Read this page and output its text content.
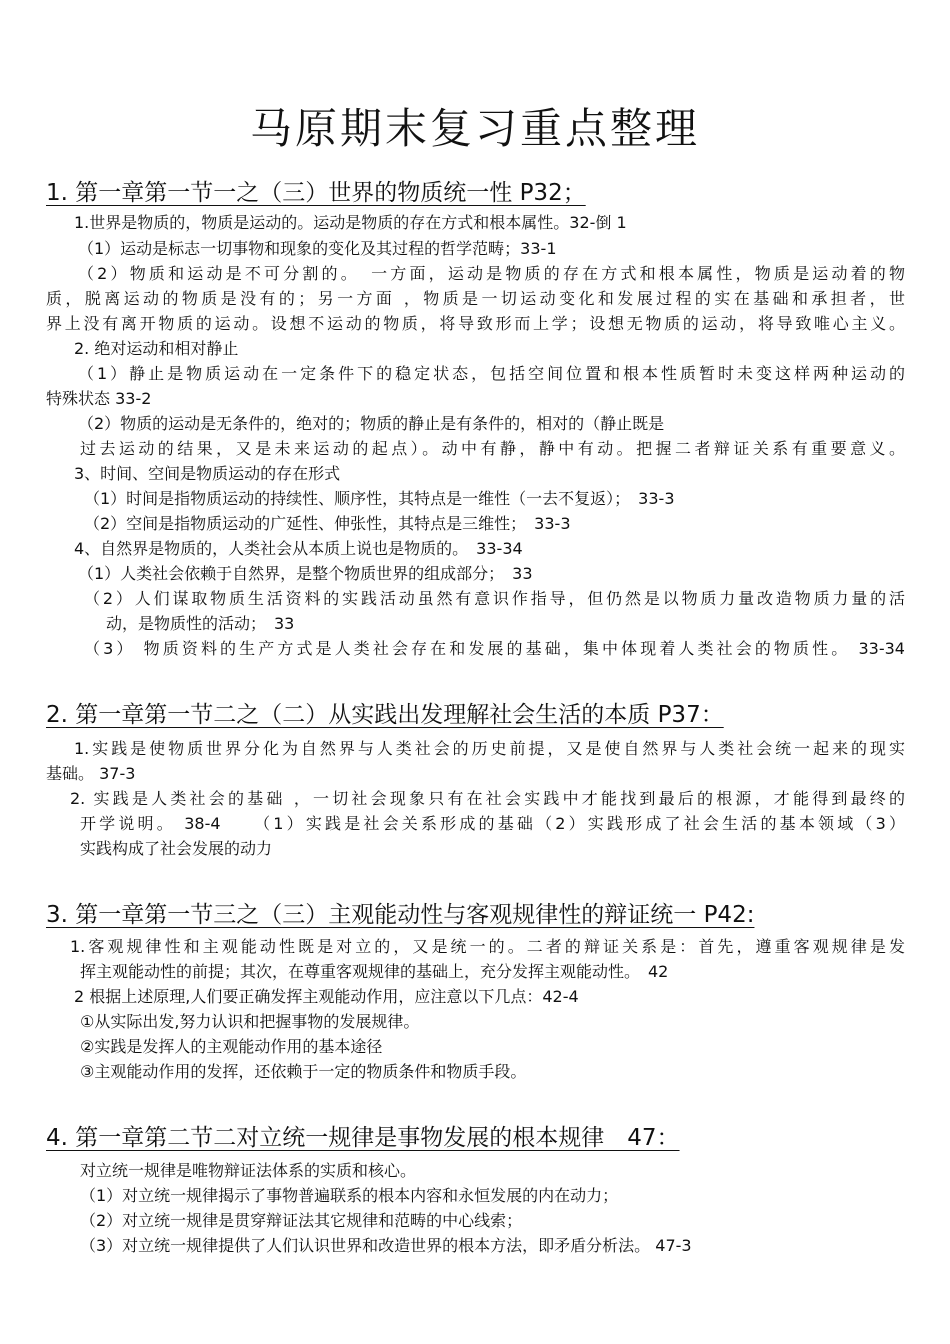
马原期末复习重点整理
1. 第一章第一节一之（三）世界的物质统一性 P32；
1.世界是物质的，物质是运动的。运动是物质的存在方式和根本属性。32-倒 1
（1）运动是标志一切事物和现象的变化及其过程的哲学范畴；33-1
（2）物质和运动是不可分割的。　一方面，运动是物质的存在方式和根本属性，物质是运动着的物
质，脱离运动的物质是没有的；另一方面 ，物质是一切运动变化和发展过程的实在基础和承担者，世
界上没有离开物质的运动。设想不运动的物质，将导致形而上学；设想无物质的运动，将导致唯心主义。
2. 绝对运动和相对静止
（1）静止是物质运动在一定条件下的稳定状态，包括空间位置和根本性质暂时未变这样两种运动的
特殊状态 33-2
（2）物质的运动是无条件的，绝对的；物质的静止是有条件的，相对的（静止既是
过去运动的结果，又是未来运动的起点）。动中有静，静中有动。把握二者辩证关系有重要意义。
3、时间、空间是物质运动的存在形式
（1）时间是指物质运动的持续性、顺序性，其特点是一维性（一去不复返）；　33-3
（2）空间是指物质运动的广延性、伸张性，其特点是三维性；　33-3
4、自然界是物质的，人类社会从本质上说也是物质的。　33-34
（1）人类社会依赖于自然界，是整个物质世界的组成部分；　33
（2）人们谋取物质生活资料的实践活动虽然有意识作指导，但仍然是以物质力量改造物质力量的活
动，是物质性的活动；　33
（3） 物质资料的生产方式是人类社会存在和发展的基础，集中体现着人类社会的物质性。 33-34
2. 第一章第一节二之（二）从实践出发理解社会生活的本质 P37：
1.实践是使物质世界分化为自然界与人类社会的历史前提，又是使自然界与人类社会统一起来的现实
基础。 37-3
2. 实践是人类社会的基础 ，一切社会现象只有在社会实践中才能找到最后的根源，才能得到最终的
开学说明。 38-4　　（1）实践是社会关系形成的基础（2）实践形成了社会生活的基本领域（3）
实践构成了社会发展的动力
3. 第一章第一节三之（三）主观能动性与客观规律性的辩证统一 P42:
1.客观规律性和主观能动性既是对立的，又是统一的。二者的辩证关系是：首先，遵重客观规律是发
挥主观能动性的前提；其次，在尊重客观规律的基础上，充分发挥主观能动性。　42
2 根据上述原理,人们要正确发挥主观能动作用，应注意以下几点：42-4
①从实际出发,努力认识和把握事物的发展规律。
②实践是发挥人的主观能动作用的基本途径
③主观能动作用的发挥，还依赖于一定的物质条件和物质手段。
4. 第一章第二节二对立统一规律是事物发展的根本规律　47：
对立统一规律是唯物辩证法体系的实质和核心。
（1）对立统一规律揭示了事物普遍联系的根本内容和永恒发展的内在动力；
（2）对立统一规律是贯穿辩证法其它规律和范畴的中心线索；
（3）对立统一规律提供了人们认识世界和改造世界的根本方法，即矛盾分析法。 47-3
